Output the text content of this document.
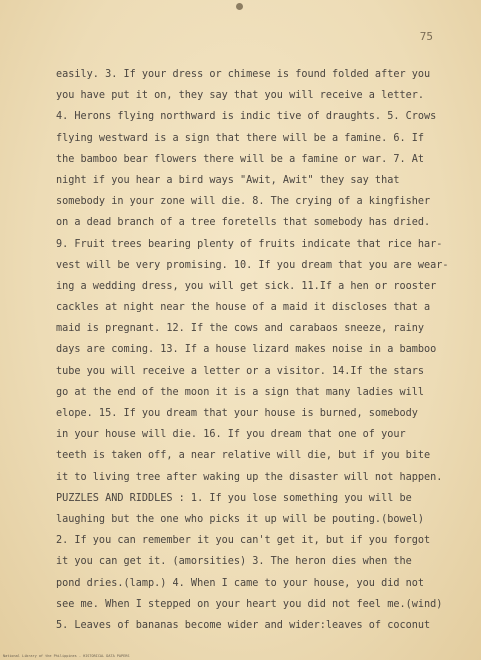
75
easily. 3. If your dress or chimese is found folded after you
you have put it on, they say that you will receive a letter.
4. Herons flying northward is indic tive of draughts. 5. Crows
flying westward is a sign that there will be a famine. 6. If
the bamboo bear flowers there will be a famine or war. 7. At
night if you hear a bird ways "Awit, Awit" they say that
somebody in your zone will die. 8. The crying of a kingfisher
on a dead branch of a tree foretells that somebody has dried.
9. Fruit trees bearing plenty of fruits indicate that rice har-
vest will be very promising. 10. If you dream that you are wear-
ing a wedding dress, you will get sick. 11.If a hen or rooster
cackles at night near the house of a maid it discloses that a
maid is pregnant. 12. If the cows and carabaos sneeze, rainy
days are coming. 13. If a house lizard makes noise in a bamboo
tube you will receive a letter or a visitor. 14.If the stars
go at the end of the moon it is a sign that many ladies will
elope. 15. If you dream that your house is burned, somebody
in your house will die. 16. If you dream that one of your
teeth is taken off, a near relative will die, but if you bite
it to living tree after waking up the disaster will not happen.
PUZZLES AND RIDDLES : 1. If you lose something you will be
laughing but the one who picks it up will be pouting.(bowel)
2. If you can remember it you can't get it, but if you forgot
it you can get it. (amorsities) 3. The heron dies when the
pond dries.(lamp.) 4. When I came to your house, you did not
see me. When I stepped on your heart you did not feel me.(wind)
5. Leaves of bananas become wider and wider:leaves of coconut
National Library of the Philippines - HISTORICAL DATA PAPERS
